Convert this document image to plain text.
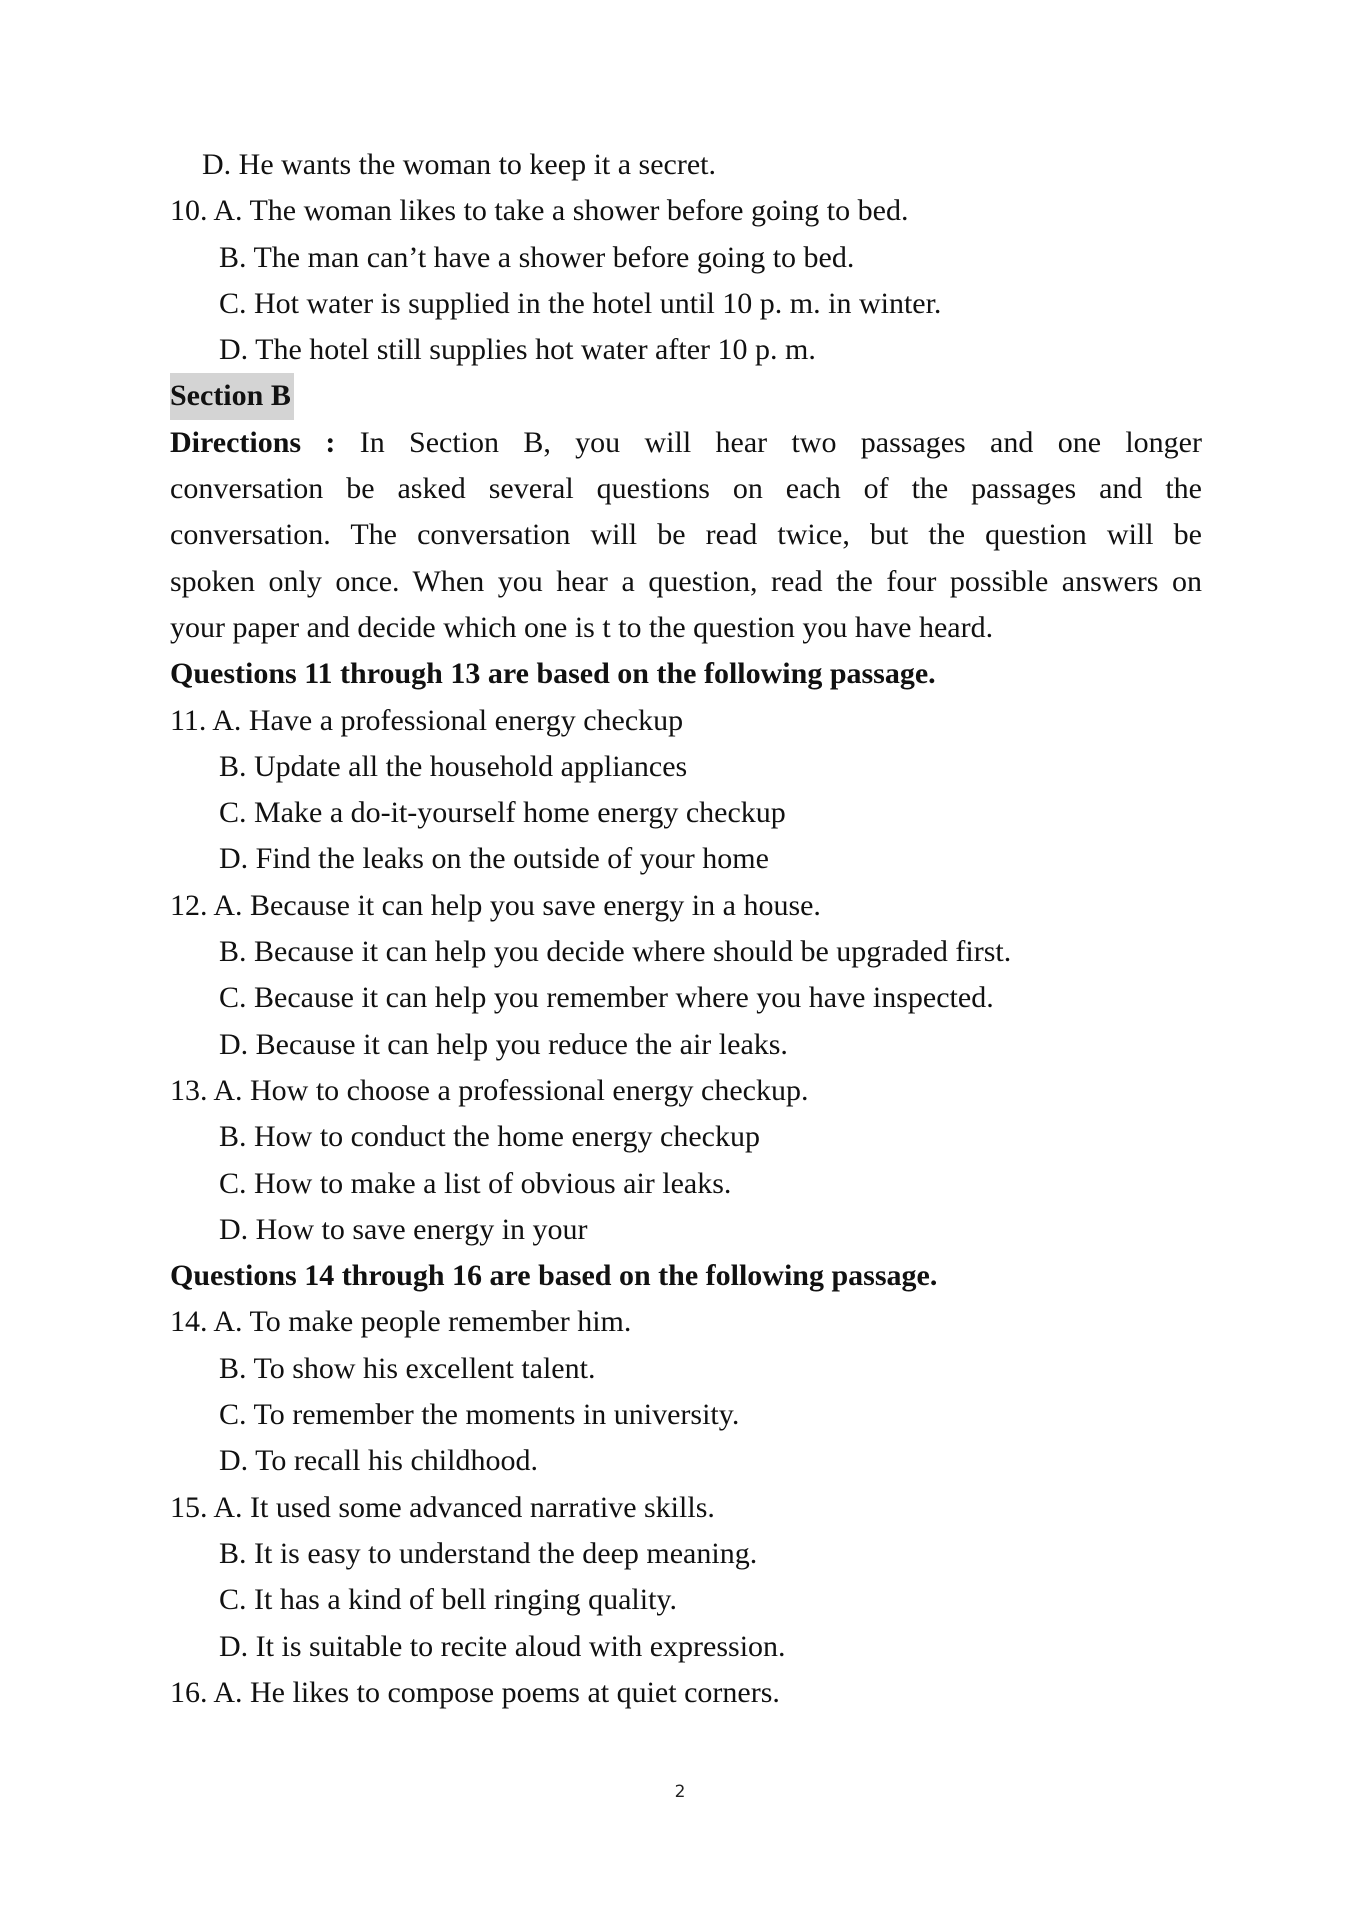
D. He wants the woman to keep it a secret.
10. A. The woman likes to take a shower before going to bed.
B. The man can’t have a shower before going to bed.
C. Hot water is supplied in the hotel until 10 p. m. in winter.
D. The hotel still supplies hot water after 10 p. m.
Section B
Directions : In Section B, you will hear two passages and one longer
conversation be asked several questions on each of the passages and the
conversation. The conversation will be read twice, but the question will be
spoken only once. When you hear a question, read the four possible answers on
your paper and decide which one is t to the question you have heard.
Questions 11 through 13 are based on the following passage.
11. A. Have a professional energy checkup
B. Update all the household appliances
C. Make a do-it-yourself home energy checkup
D. Find the leaks on the outside of your home
12. A. Because it can help you save energy in a house.
B. Because it can help you decide where should be upgraded first.
C. Because it can help you remember where you have inspected.
D. Because it can help you reduce the air leaks.
13. A. How to choose a professional energy checkup.
B. How to conduct the home energy checkup
C. How to make a list of obvious air leaks.
D. How to save energy in your
Questions 14 through 16 are based on the following passage.
14. A. To make people remember him.
B. To show his excellent talent.
C. To remember the moments in university.
D. To recall his childhood.
15. A. It used some advanced narrative skills.
B. It is easy to understand the deep meaning.
C. It has a kind of bell ringing quality.
D. It is suitable to recite aloud with expression.
16. A. He likes to compose poems at quiet corners.
2
